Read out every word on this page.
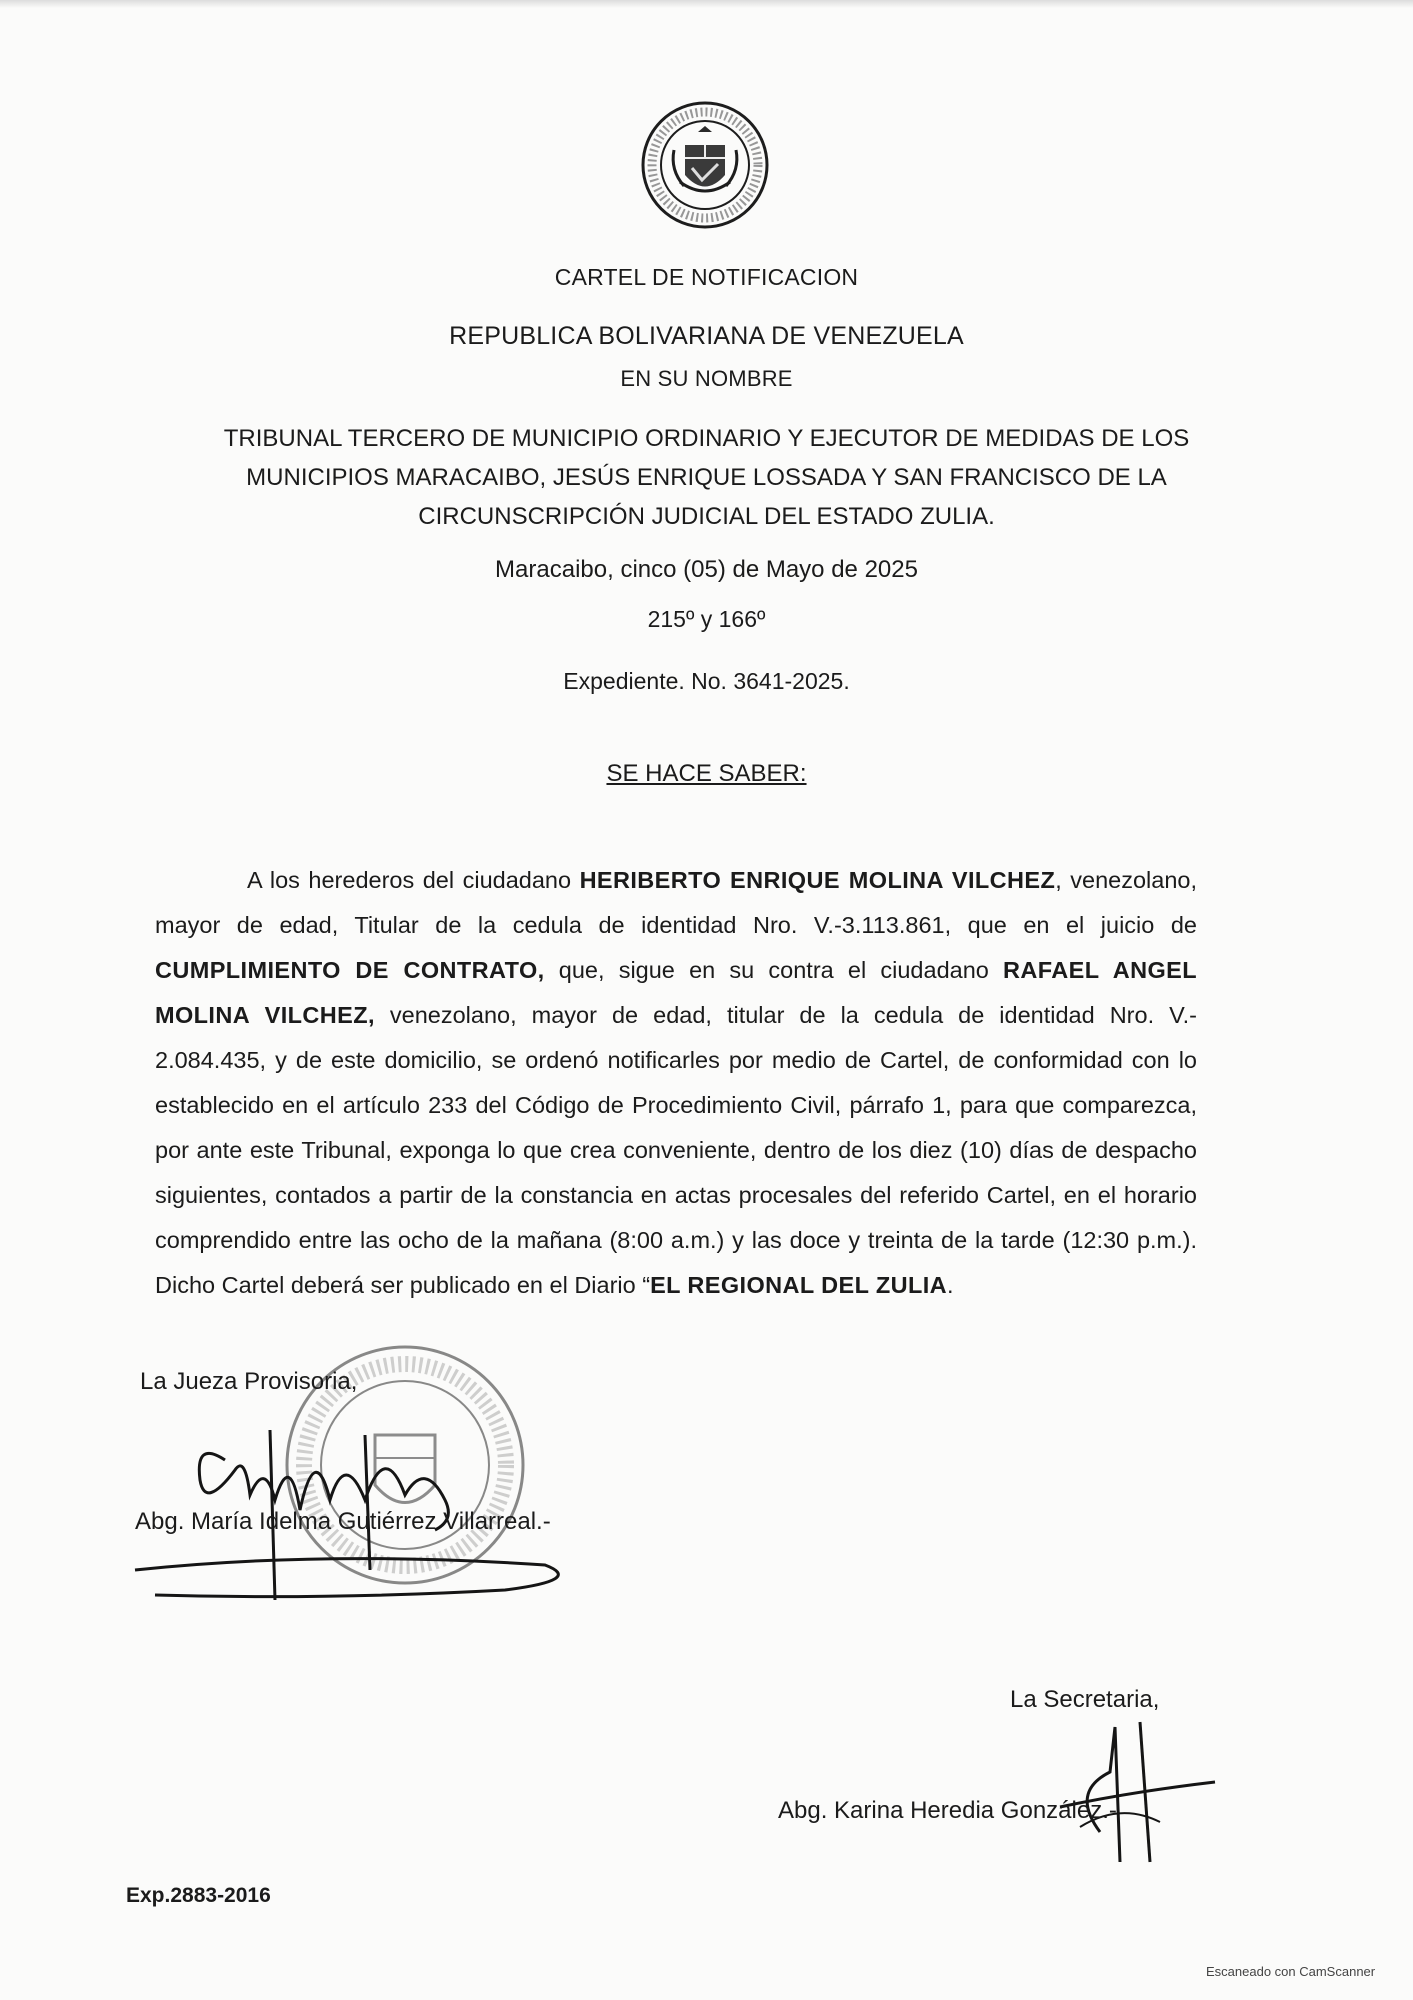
CARTEL DE NOTIFICACION
REPUBLICA BOLIVARIANA DE VENEZUELA
EN SU NOMBRE
TRIBUNAL TERCERO DE MUNICIPIO ORDINARIO Y EJECUTOR DE MEDIDAS DE LOS
MUNICIPIOS MARACAIBO, JESÚS ENRIQUE LOSSADA Y SAN FRANCISCO DE LA
CIRCUNSCRIPCIÓN JUDICIAL DEL ESTADO ZULIA.
Maracaibo, cinco (05) de Mayo de 2025
215º y 166º
Expediente. No. 3641-2025.
SE HACE SABER:
A los herederos del ciudadano HERIBERTO ENRIQUE MOLINA VILCHEZ, venezolano, mayor de edad, Titular de la cedula de identidad Nro. V.-3.113.861, que en el juicio de CUMPLIMIENTO DE CONTRATO, que, sigue en su contra el ciudadano RAFAEL ANGEL MOLINA VILCHEZ, venezolano, mayor de edad, titular de la cedula de identidad Nro. V.- 2.084.435, y de este domicilio, se ordenó notificarles por medio de Cartel, de conformidad con lo establecido en el artículo 233 del Código de Procedimiento Civil, párrafo 1, para que comparezca, por ante este Tribunal, exponga lo que crea conveniente, dentro de los diez (10) días de despacho siguientes, contados a partir de la constancia en actas procesales del referido Cartel, en el horario comprendido entre las ocho de la mañana (8:00 a.m.) y las doce y treinta de la tarde (12:30 p.m.). Dicho Cartel deberá ser publicado en el Diario “EL REGIONAL DEL ZULIA.
La Jueza Provisoria,
Abg. María Idelma Gutiérrez Villarreal.-
La Secretaria,
Abg. Karina Heredia González.-
Exp.2883-2016
Escaneado con CamScanner
